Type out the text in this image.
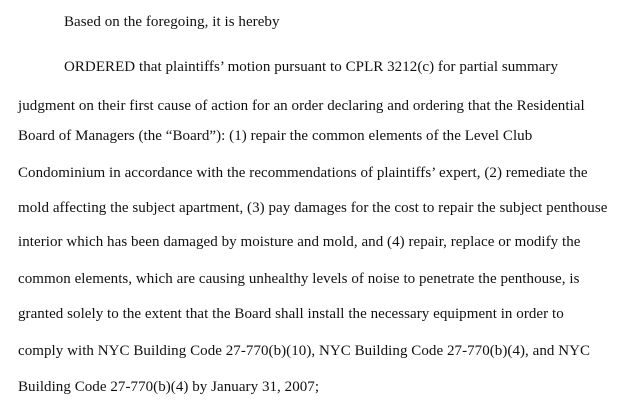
Based on the foregoing, it is hereby
ORDERED that plaintiffs’ motion pursuant to CPLR 3212(c) for partial summary
judgment on their first cause of action for an order declaring and ordering that the Residential
Board of Managers (the “Board”): (1) repair the common elements of the Level Club
Condominium in accordance with the recommendations of plaintiffs’ expert, (2) remediate the
mold affecting the subject apartment, (3) pay damages for the cost to repair the subject penthouse
interior which has been damaged by moisture and mold, and (4) repair, replace or modify the
common elements, which are causing unhealthy levels of noise to penetrate the penthouse, is
granted solely to the extent that the Board shall install the necessary equipment in order to
comply with NYC Building Code 27-770(b)(10), NYC Building Code 27-770(b)(4), and NYC
Building Code 27-770(b)(4) by January 31, 2007;
